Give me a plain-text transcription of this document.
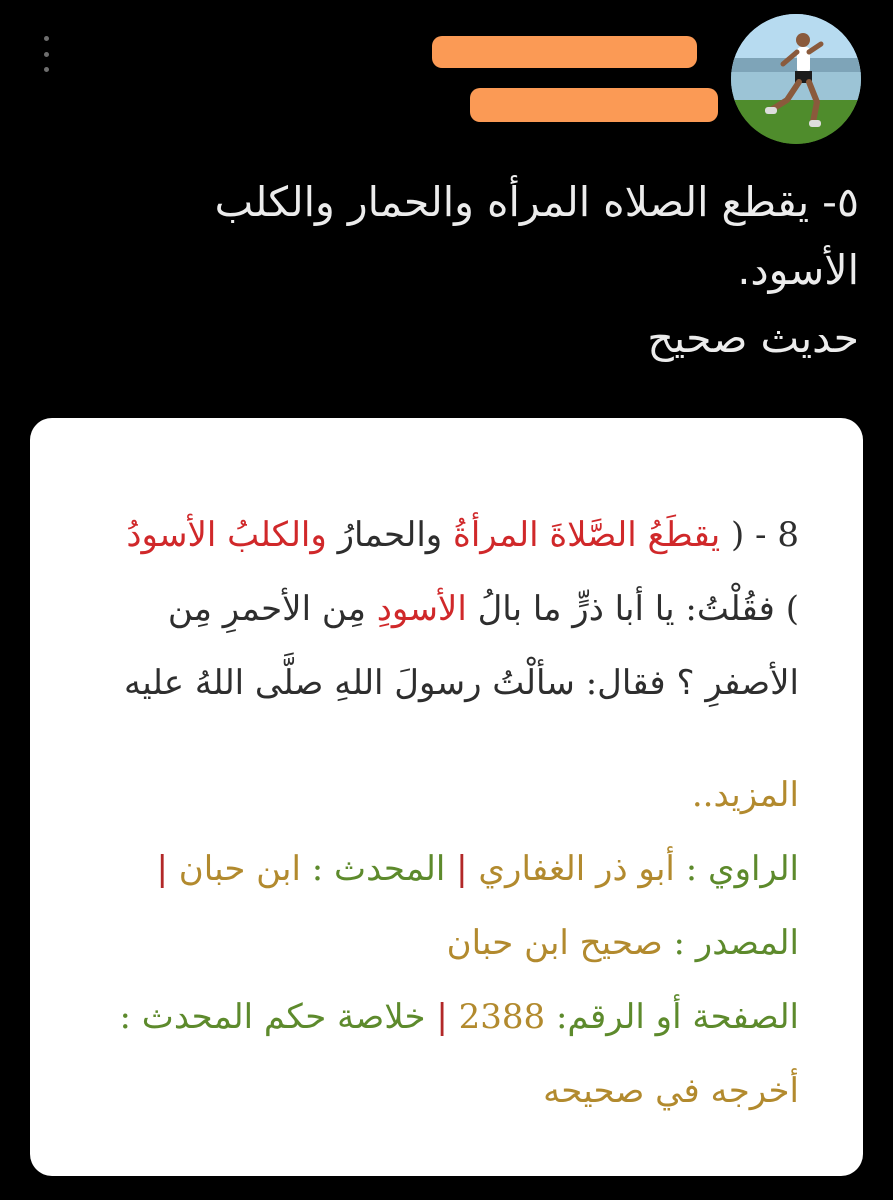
٥- يقطع الصلاه المرأه والحمار والكلب
الأسود.
حديث صحيح
8 - ( يقطَعُ الصَّلاةَ المرأةُ والحمارُ والكلبُ الأسودُ
) فقُلْتُ: يا أبا ذرٍّ ما بالُ الأسودِ مِن الأحمرِ مِن
الأصفرِ ؟ فقال: سألْتُ رسولَ اللهِ صلَّى اللهُ عليه
المزيد..
الراوي : أبو ذر الغفاري | المحدث : ابن حبان |
المصدر : صحيح ابن حبان
الصفحة أو الرقم: 2388 | خلاصة حكم المحدث :
أخرجه في صحيحه
